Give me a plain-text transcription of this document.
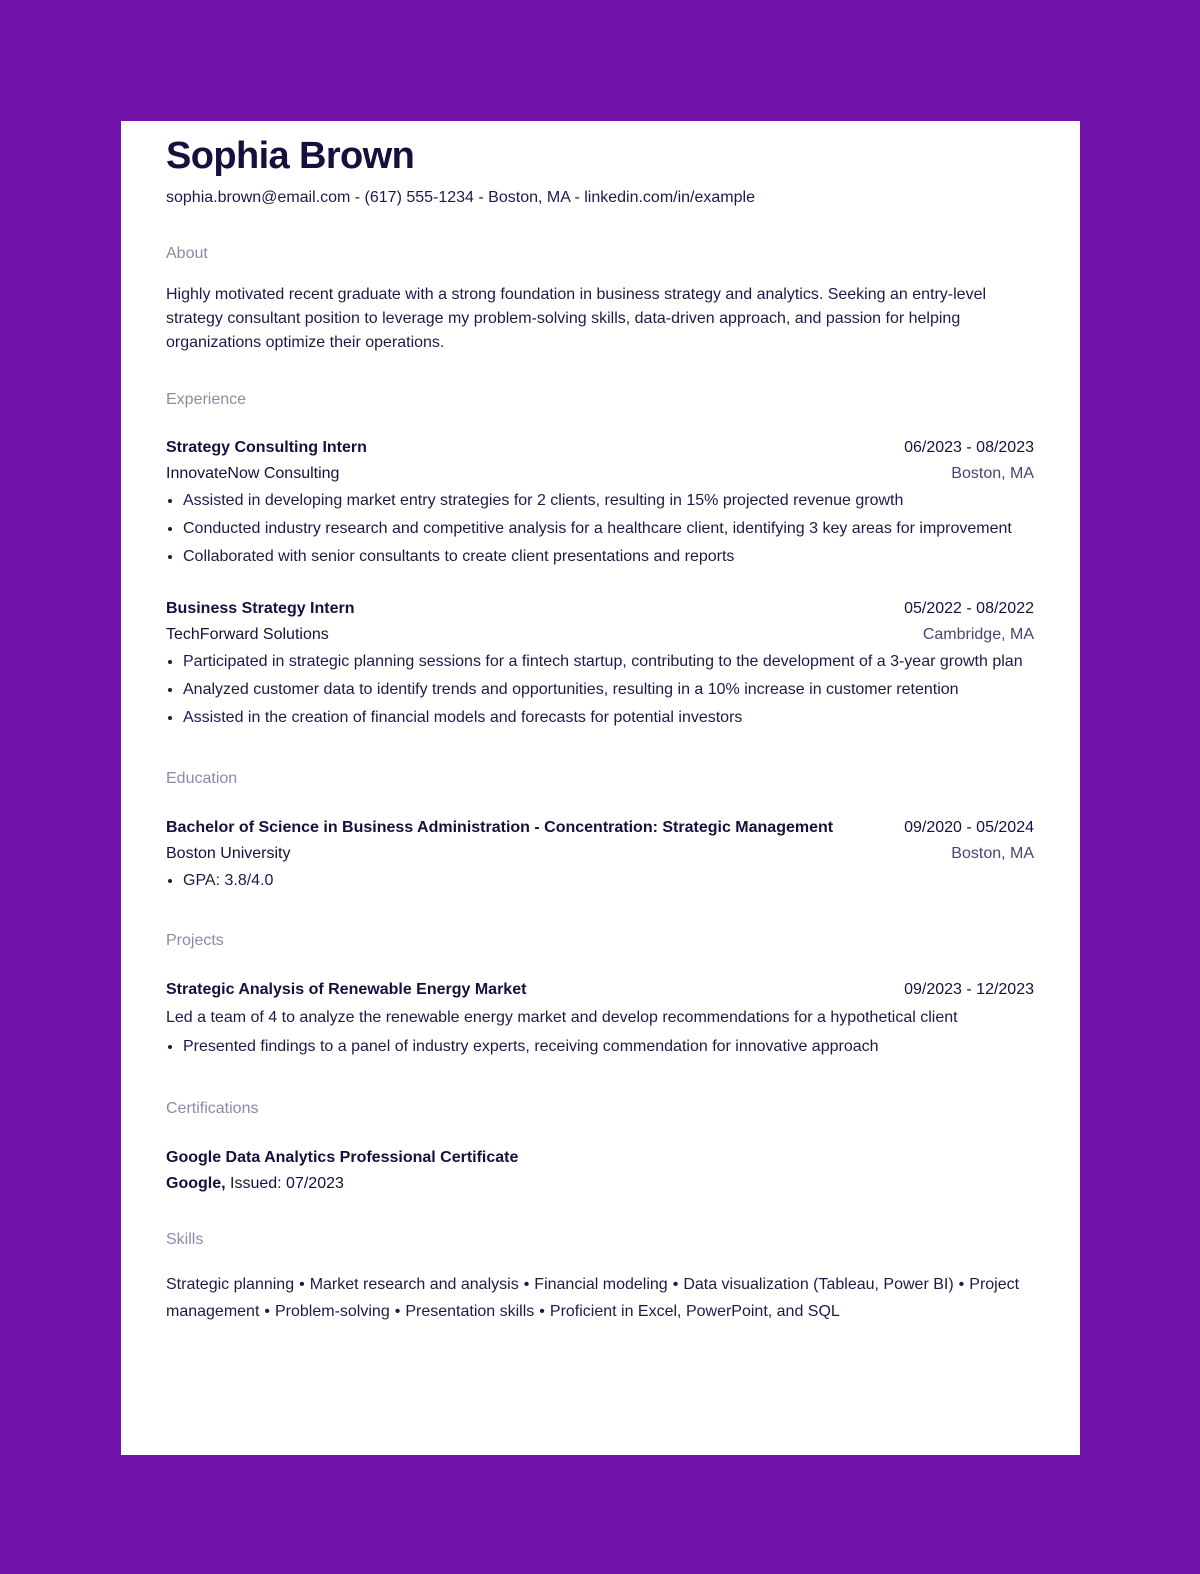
Sophia Brown
sophia.brown@email.com - (617) 555-1234 - Boston, MA - linkedin.com/in/example
About
Highly motivated recent graduate with a strong foundation in business strategy and analytics. Seeking an entry-level strategy consultant position to leverage my problem-solving skills, data-driven approach, and passion for helping organizations optimize their operations.
Experience
Strategy Consulting Intern	06/2023 - 08/2023
InnovateNow Consulting	Boston, MA
• Assisted in developing market entry strategies for 2 clients, resulting in 15% projected revenue growth
• Conducted industry research and competitive analysis for a healthcare client, identifying 3 key areas for improvement
• Collaborated with senior consultants to create client presentations and reports
Business Strategy Intern	05/2022 - 08/2022
TechForward Solutions	Cambridge, MA
• Participated in strategic planning sessions for a fintech startup, contributing to the development of a 3-year growth plan
• Analyzed customer data to identify trends and opportunities, resulting in a 10% increase in customer retention
• Assisted in the creation of financial models and forecasts for potential investors
Education
Bachelor of Science in Business Administration - Concentration: Strategic Management	09/2020 - 05/2024
Boston University	Boston, MA
• GPA: 3.8/4.0
Projects
Strategic Analysis of Renewable Energy Market	09/2023 - 12/2023
Led a team of 4 to analyze the renewable energy market and develop recommendations for a hypothetical client
• Presented findings to a panel of industry experts, receiving commendation for innovative approach
Certifications
Google Data Analytics Professional Certificate
Google, Issued: 07/2023
Skills
Strategic planning • Market research and analysis • Financial modeling • Data visualization (Tableau, Power BI) • Project management • Problem-solving • Presentation skills • Proficient in Excel, PowerPoint, and SQL
